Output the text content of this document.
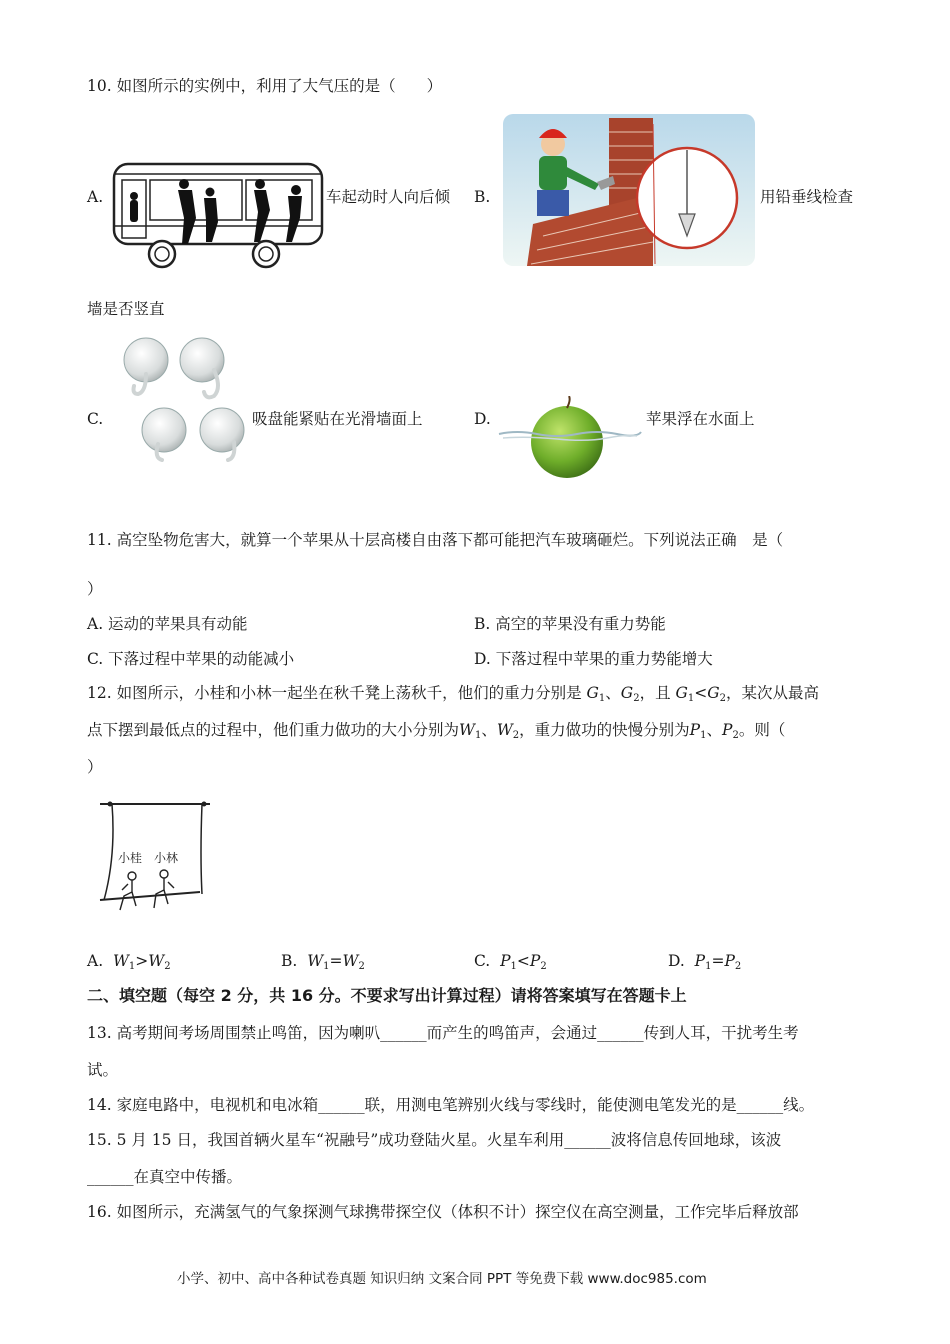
10. 如图所示的实例中，利用了大气压的是（　　）
A.	车起动时人向后倾 B.	用铅垂线检查
墙是否竖直
C.	吸盘能紧贴在光滑墙面上	D.	苹果浮在水面上
11. 高空坠物危害大，就算一个苹果从十层高楼自由落下都可能把汽车玻璃砸烂。下列说法正确　是（
）
A. 运动的苹果具有动能	B. 高空的苹果没有重力势能
C. 下落过程中苹果的动能减小	D. 下落过程中苹果的重力势能增大
12. 如图所示，小桂和小林一起坐在秋千凳上荡秋千，他们的重力分别是 $G_1$、$G_2$，且 $G_1<G_2$，某次从最高
点下摆到最低点的过程中，他们重力做功的大小分别为$W_1$、$W_2$，重力做功的快慢分别为$P_1$、$P_2$。则（
）
小桂 小林
A. $W_1>W_2$	B. $W_1=W_2$	C. $P_1<P_2$	D. $P_1=P_2$
二、填空题（每空 2 分，共 16 分。不要求写出计算过程）请将答案填写在答题卡上
13. 高考期间考场周围禁止鸣笛，因为喇叭______而产生的鸣笛声，会通过______传到人耳，干扰考生考
试。
14. 家庭电路中，电视机和电冰箱______联，用测电笔辨别火线与零线时，能使测电笔发光的是______线。
15. 5 月 15 日，我国首辆火星车“祝融号”成功登陆火星。火星车利用______波将信息传回地球，该波
______在真空中传播。
16. 如图所示，充满氢气的气象探测气球携带探空仪（体积不计）探空仪在高空测量，工作完毕后释放部
小学、初中、高中各种试卷真题 知识归纳 文案合同 PPT 等免费下载 www.doc985.com
